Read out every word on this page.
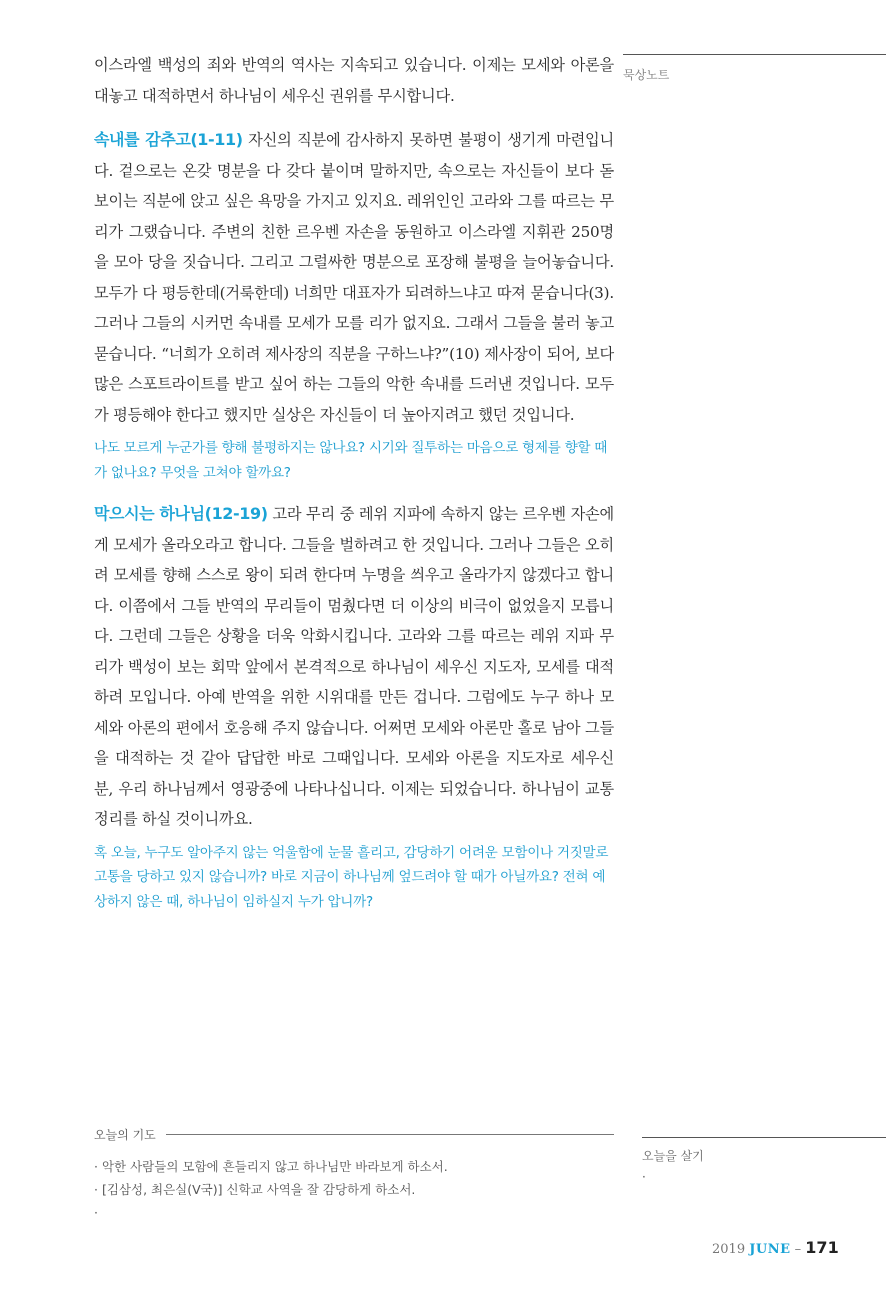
이스라엘 백성의 죄와 반역의 역사는 지속되고 있습니다. 이제는 모세와 아론을 대놓고 대적하면서 하나님이 세우신 권위를 무시합니다.

속내를 감추고(1-11) 자신의 직분에 감사하지 못하면 불평이 생기게 마련입니다. 겉으로는 온갖 명분을 다 갖다 붙이며 말하지만, 속으로는 자신들이 보다 돋보이는 직분에 앉고 싶은 욕망을 가지고 있지요. 레위인인 고라와 그를 따르는 무리가 그랬습니다. 주변의 친한 르우벤 자손을 동원하고 이스라엘 지휘관 250명을 모아 당을 짓습니다. 그리고 그럴싸한 명분으로 포장해 불평을 늘어놓습니다. 모두가 다 평등한데(거룩한데) 너희만 대표자가 되려하느냐고 따져 묻습니다(3). 그러나 그들의 시커먼 속내를 모세가 모를 리가 없지요. 그래서 그들을 불러 놓고 묻습니다. “너희가 오히려 제사장의 직분을 구하느냐?”(10) 제사장이 되어, 보다 많은 스포트라이트를 받고 싶어 하는 그들의 악한 속내를 드러낸 것입니다. 모두가 평등해야 한다고 했지만 실상은 자신들이 더 높아지려고 했던 것입니다.

나도 모르게 누군가를 향해 불평하지는 않나요? 시기와 질투하는 마음으로 형제를 향할 때가 없나요? 무엇을 고쳐야 할까요?

막으시는 하나님(12-19) 고라 무리 중 레위 지파에 속하지 않는 르우벤 자손에게 모세가 올라오라고 합니다. 그들을 벌하려고 한 것입니다. 그러나 그들은 오히려 모세를 향해 스스로 왕이 되려 한다며 누명을 씌우고 올라가지 않겠다고 합니다. 이쯤에서 그들 반역의 무리들이 멈췄다면 더 이상의 비극이 없었을지 모릅니다. 그런데 그들은 상황을 더욱 악화시킵니다. 고라와 그를 따르는 레위 지파 무리가 백성이 보는 회막 앞에서 본격적으로 하나님이 세우신 지도자, 모세를 대적하려 모입니다. 아예 반역을 위한 시위대를 만든 겁니다. 그럼에도 누구 하나 모세와 아론의 편에서 호응해 주지 않습니다. 어쩌면 모세와 아론만 홀로 남아 그들을 대적하는 것 같아 답답한 바로 그때입니다. 모세와 아론을 지도자로 세우신 분, 우리 하나님께서 영광중에 나타나십니다. 이제는 되었습니다. 하나님이 교통정리를 하실 것이니까요.

혹 오늘, 누구도 알아주지 않는 억울함에 눈물 흘리고, 감당하기 어려운 모함이나 거짓말로 고통을 당하고 있지 않습니까? 바로 지금이 하나님께 엎드려야 할 때가 아닐까요? 전혀 예상하지 않은 때, 하나님이 임하실지 누가 압니까?

묵상노트
오늘의 기도
· 악한 사람들의 모함에 흔들리지 않고 하나님만 바라보게 하소서.
· [김삼성, 최은실(V국)] 신학교 사역을 잘 감당하게 하소서.
·
오늘을 살기
·
2019 JUNE – 171
